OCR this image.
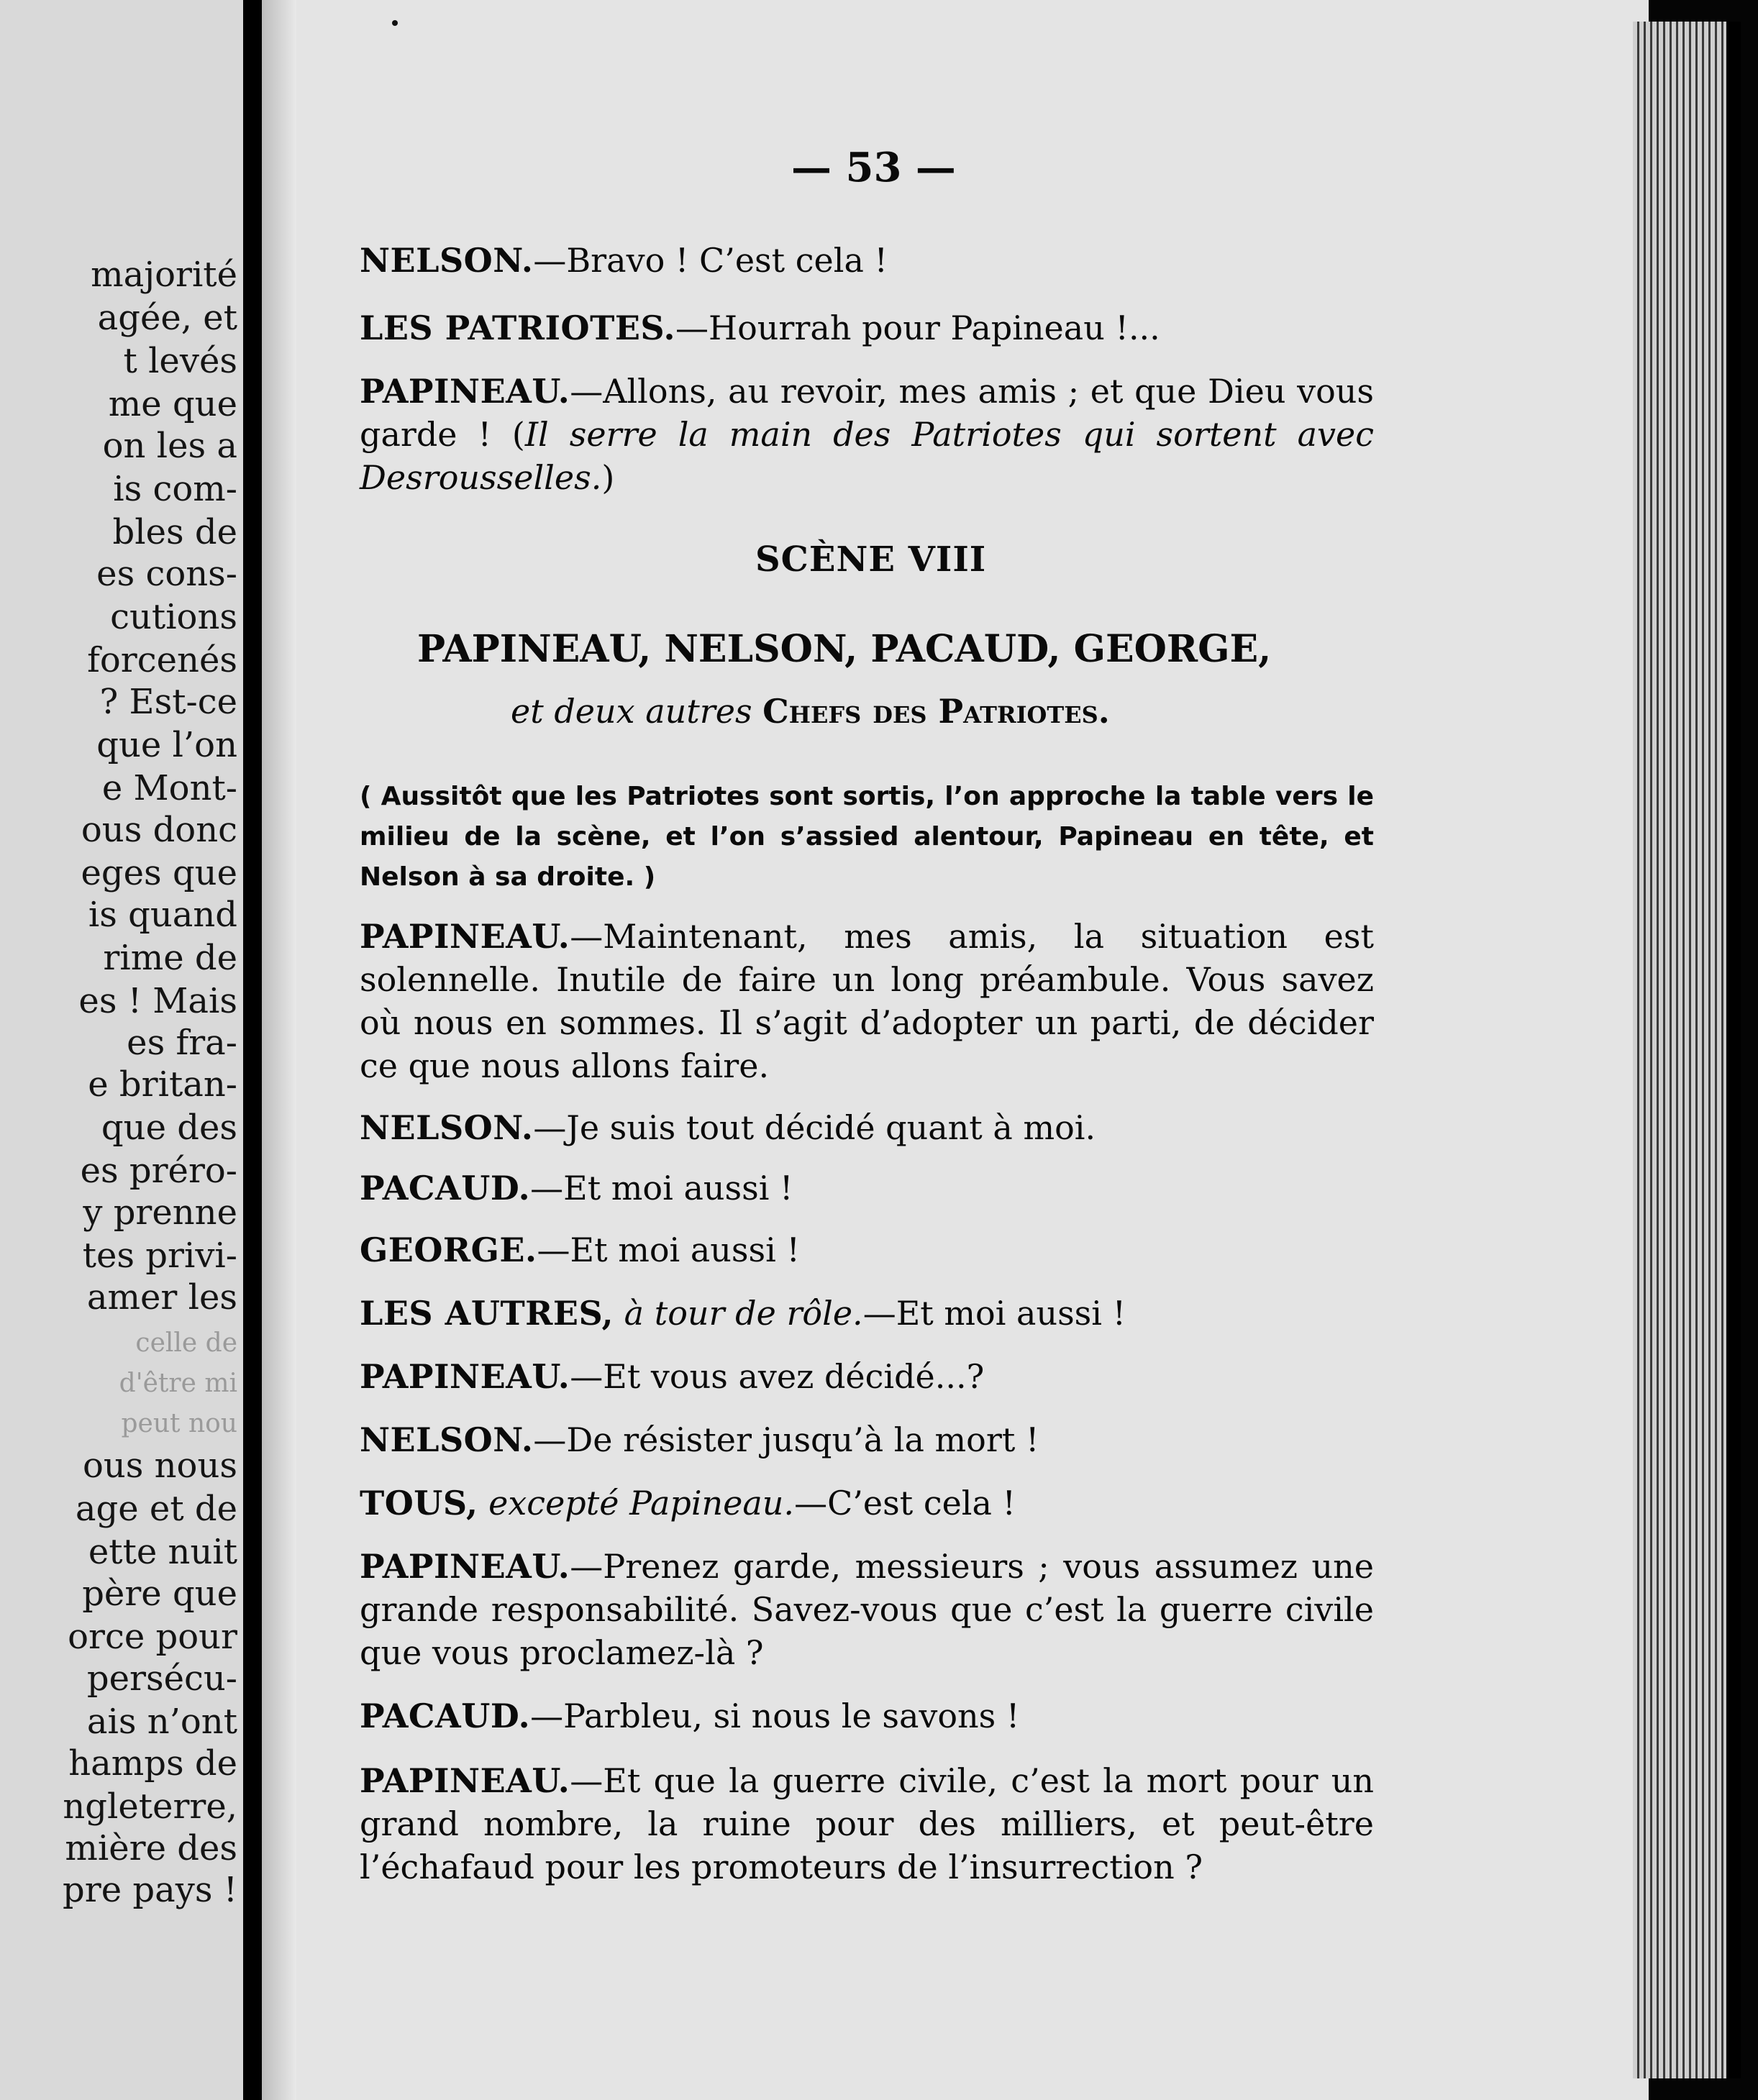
majorité
agée, et
t levés
me que
on les a
is com-
bles de
es cons-
cutions
forcenés
? Est-ce
que l’on
e Mont-
ous donc
eges que
is quand
rime de
es ! Mais
es fra-
e britan-
que des
es préro-
y prenne
tes privi-
amer les
celle de
d'être mi
peut nou
ous nous
age et de
ette nuit
père que
orce pour
persécu-
ais n’ont
hamps de
ngleterre,
mière des
pre pays !
— 53 —
NELSON.—Bravo ! C’est cela !
LES PATRIOTES.—Hourrah pour Papineau !...
PAPINEAU.—Allons, au revoir, mes amis ; et que Dieu vous garde ! (Il serre la main des Patriotes qui sortent avec Desrousselles.)
SCÈNE VIII
PAPINEAU, NELSON, PACAUD, GEORGE,
et deux autres Chefs des Patriotes.
( Aussitôt que les Patriotes sont sortis, l’on approche la table vers le milieu de la scène, et l’on s’assied alentour, Papineau en tête, et Nelson à sa droite. )
PAPINEAU.—Maintenant, mes amis, la situation est solennelle. Inutile de faire un long préambule. Vous savez où nous en sommes. Il s’agit d’adopter un parti, de décider ce que nous allons faire.
NELSON.—Je suis tout décidé quant à moi.
PACAUD.—Et moi aussi !
GEORGE.—Et moi aussi !
LES AUTRES, à tour de rôle.—Et moi aussi !
PAPINEAU.—Et vous avez décidé...?
NELSON.—De résister jusqu’à la mort !
TOUS, excepté Papineau.—C’est cela !
PAPINEAU.—Prenez garde, messieurs ; vous assumez une grande responsabilité. Savez-vous que c’est la guerre civile que vous proclamez-là ?
PACAUD.—Parbleu, si nous le savons !
PAPINEAU.—Et que la guerre civile, c’est la mort pour un grand nombre, la ruine pour des milliers, et peut-être l’échafaud pour les promoteurs de l’insurrection ?
